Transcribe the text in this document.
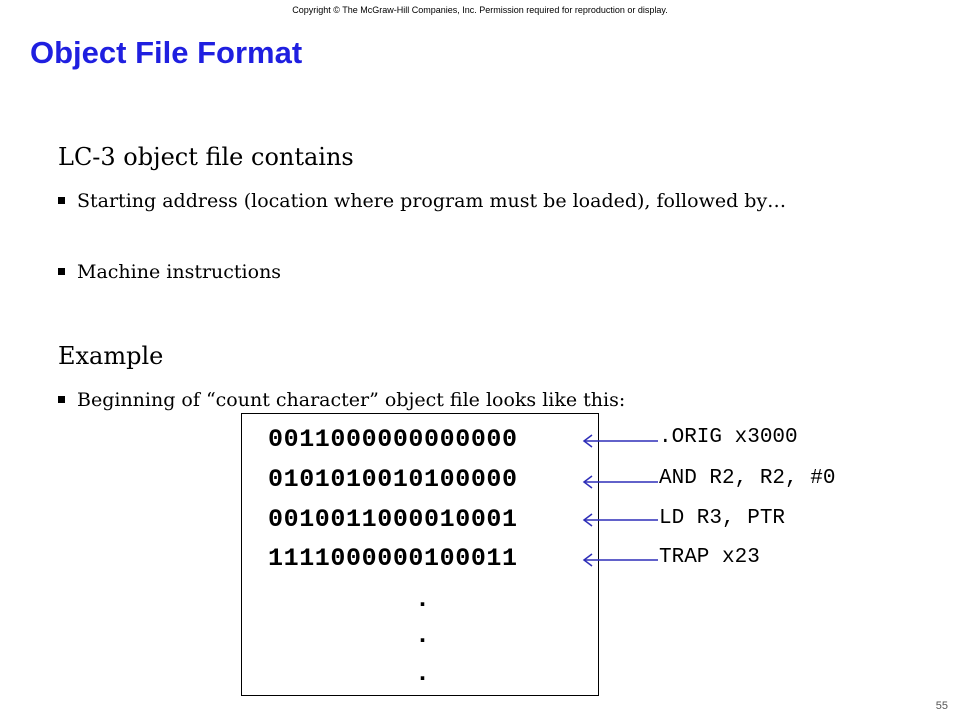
Copyright © The McGraw-Hill Companies, Inc. Permission required for reproduction or display.
Object File Format
LC-3 object file contains
Starting address (location where program must be loaded), followed by…
Machine instructions
Example
Beginning of “count character” object file looks like this:
0011000000000000
0101010010100000
0010011000010001
1111000000100011
.
.
.
.ORIG x3000
AND R2, R2, #0
LD R3, PTR
TRAP x23
55
